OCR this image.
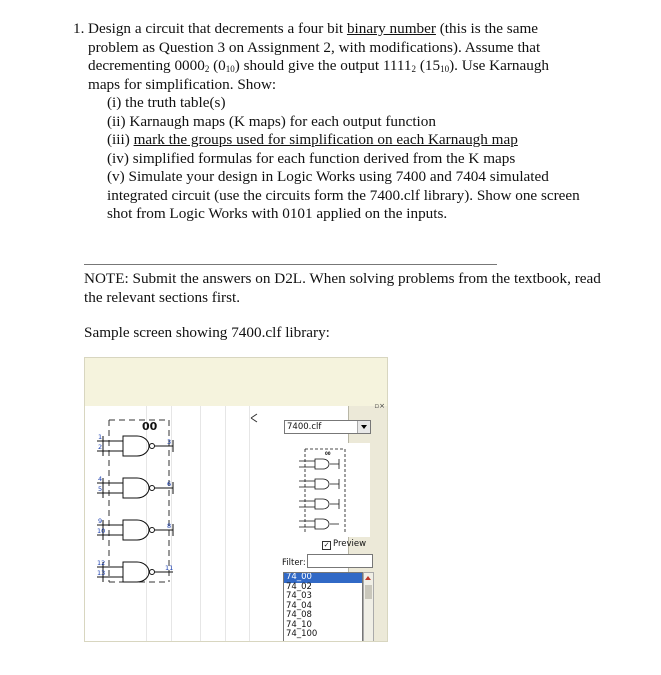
1. Design a circuit that decrements a four bit binary number (this is the same
problem as Question 3 on Assignment 2, with modifications). Assume that
decrementing $0000_2$ $(0_{10})$ should give the output $1111_2$ $(15_{10})$. Use Karnaugh
maps for simplification. Show:
(i) the truth table(s)
(ii) Karnaugh maps (K maps) for each output function
(iii) mark the groups used for simplification on each Karnaugh map
(iv) simplified formulas for each function derived from the K maps
(v) Simulate your design in Logic Works using 7400 and 7404 simulated
integrated circuit (use the circuits form the 7400.clf library). Show one screen
shot from Logic Works with 0101 applied on the inputs.
NOTE: Submit the answers on D2L. When solving problems from the textbook, read
the relevant sections first.
Sample screen showing 7400.clf library:
00
1
2
3
4
5
6
9
10
8
12
13
11
▫×
7400.clf
00
✓ Preview
Filter:
74_00
74_02
74_03
74_04
74_08
74_10
74_100
